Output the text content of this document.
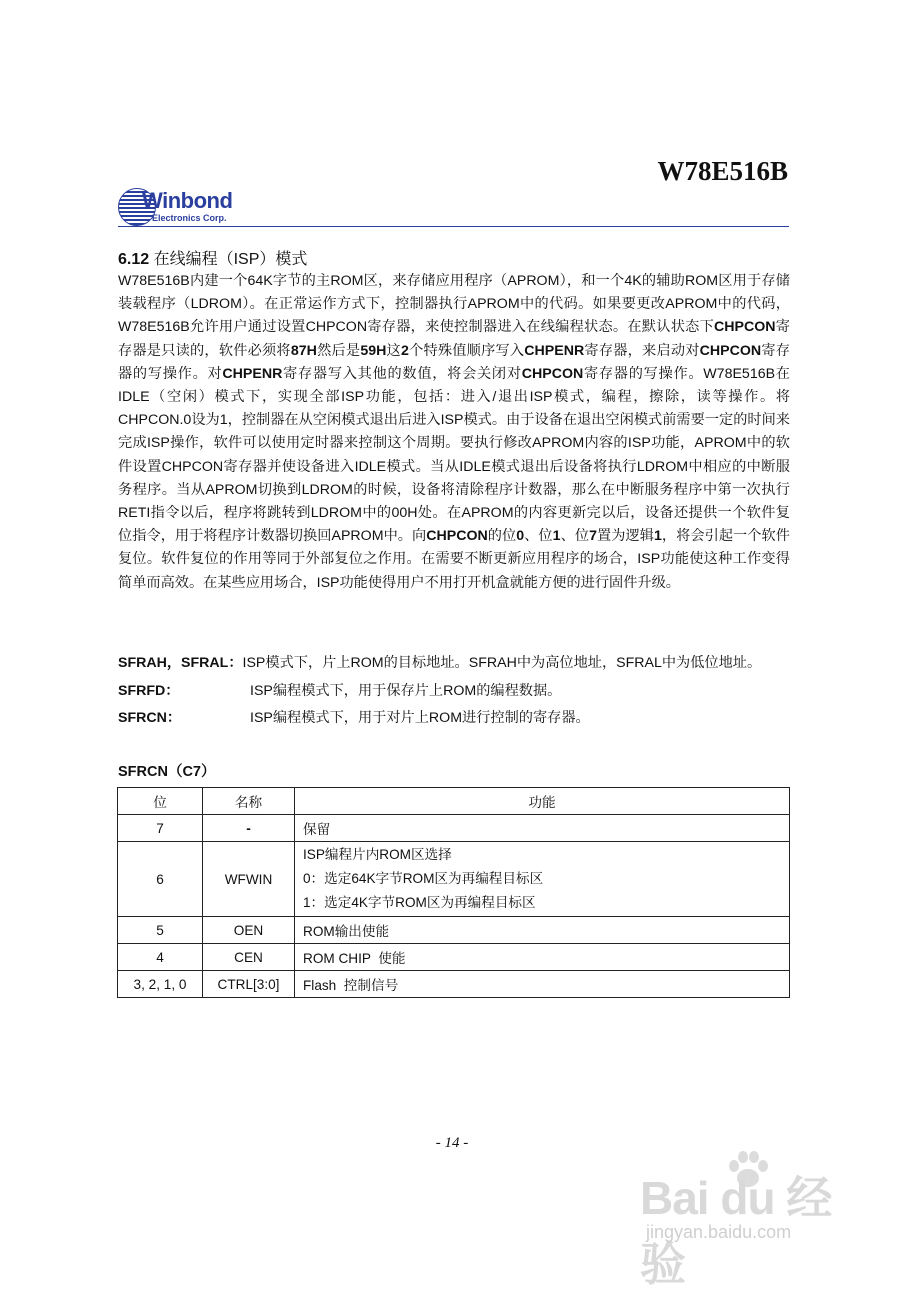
W78E516B
Winbond
Electronics Corp.
6.12 在线编程（ISP）模式

W78E516B内建一个64K字节的主ROM区，来存储应用程序（APROM），和一个4K的辅助ROM区用于存储装载程序（LDROM）。在正常运作方式下，控制器执行APROM中的代码。如果要更改APROM中的代码，W78E516B允许用户通过设置CHPCON寄存器，来使控制器进入在线编程状态。在默认状态下CHPCON寄存器是只读的，软件必须将87H然后是59H这2个特殊值顺序写入CHPENR寄存器，来启动对CHPCON寄存器的写操作。对CHPENR寄存器写入其他的数值，将会关闭对CHPCON寄存器的写操作。W78E516B在IDLE（空闲）模式下，实现全部ISP功能，包括：进入/退出ISP模式，编程，擦除，读等操作。将CHPCON.0设为1，控制器在从空闲模式退出后进入ISP模式。由于设备在退出空闲模式前需要一定的时间来完成ISP操作，软件可以使用定时器来控制这个周期。要执行修改APROM内容的ISP功能，APROM中的软件设置CHPCON寄存器并使设备进入IDLE模式。当从IDLE模式退出后设备将执行LDROM中相应的中断服务程序。当从APROM切换到LDROM的时候，设备将清除程序计数器，那么在中断服务程序中第一次执行RETI指令以后，程序将跳转到LDROM中的00H处。在APROM的内容更新完以后，设备还提供一个软件复位指令，用于将程序计数器切换回APROM中。向CHPCON的位0、位1、位7置为逻辑1，将会引起一个软件复位。软件复位的作用等同于外部复位之作用。在需要不断更新应用程序的场合，ISP功能使这种工作变得简单而高效。在某些应用场合，ISP功能使得用户不用打开机盒就能方便的进行固件升级。

SFRAH，SFRAL：ISP模式下，片上ROM的目标地址。SFRAH中为高位地址，SFRAL中为低位地址。
SFRFD：	ISP编程模式下，用于保存片上ROM的编程数据。
SFRCN：	ISP编程模式下，用于对片上ROM进行控制的寄存器。
SFRCN（C7）
位	名称	功能
7	-	保留
6	WFWIN	ISP编程片内ROM区选择
0：选定64K字节ROM区为再编程目标区
1：选定4K字节ROM区为再编程目标区

5	OEN	ROM输出使能
4	CEN	ROM CHIP  使能
3, 2, 1, 0	CTRL[3:0]	Flash  控制信号
- 14 -
Bai du 经验
jingyan.baidu.com
